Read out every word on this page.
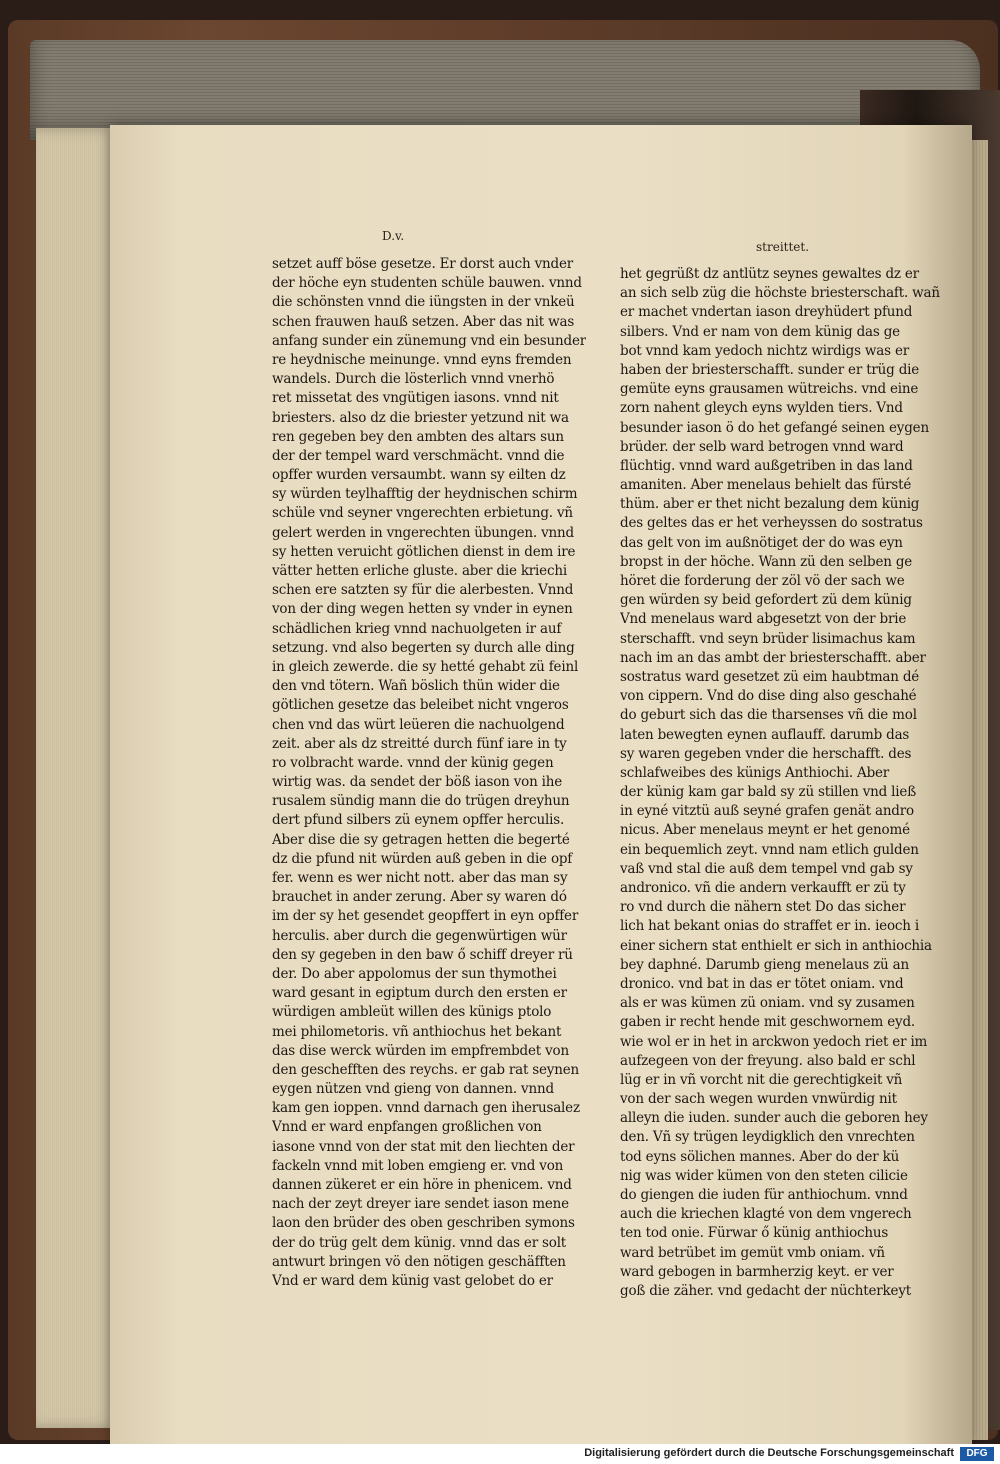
D.v.
streittet.
setzet auff böse gesetze. Er dorst auch vnder
der höche eyn studenten schüle bauwen. vnnd
die schönsten vnnd die iüngsten in der vnkeü
schen frauwen hauß setzen. Aber das nit was
anfang sunder ein zünemung vnd ein besunder
re heydnische meinunge. vnnd eyns fremden
wandels. Durch die lösterlich vnnd vnerhö
ret missetat des vngütigen iasons. vnnd nit
briesters. also dz die briester yetzund nit wa
ren gegeben bey den ambten des altars sun
der der tempel ward verschmächt. vnnd die
opffer wurden versaumbt. wann sy eilten dz
sy würden teylhafftig der heydnischen schirm
schüle vnd seyner vngerechten erbietung. vñ
gelert werden in vngerechten übungen. vnnd
sy hetten veruicht götlichen dienst in dem ire
vätter hetten erliche gluste. aber die kriechi
schen ere satzten sy für die alerbesten. Vnnd
von der ding wegen hetten sy vnder in eynen
schädlichen krieg vnnd nachuolgeten ir auf
setzung. vnd also begerten sy durch alle ding
in gleich zewerde. die sy hetté gehabt zü feinl
den vnd tötern. Wañ böslich thün wider die
götlichen gesetze das beleibet nicht vngeros
chen vnd das würt leüeren die nachuolgend
zeit. aber als dz streitté durch fünf iare in ty
ro volbracht warde. vnnd der künig gegen
wirtig was. da sendet der böß iason von ihe
rusalem sündig mann die do trügen dreyhun
dert pfund silbers zü eynem opffer herculis.
Aber dise die sy getragen hetten die begerté
dz die pfund nit würden auß geben in die opf
fer. wenn es wer nicht nott. aber das man sy
brauchet in ander zerung. Aber sy waren dó
im der sy het gesendet geopffert in eyn opffer
herculis. aber durch die gegenwürtigen wür
den sy gegeben in den baw ő schiff dreyer rü
der. Do aber appolomus der sun thymothei
ward gesant in egiptum durch den ersten er
würdigen ambleüt willen des künigs ptolo
mei philometoris. vñ anthiochus het bekant
das dise werck würden im empfrembdet von
den geschefften des reychs. er gab rat seynen
eygen nützen vnd gieng von dannen. vnnd
kam gen ioppen. vnnd darnach gen iherusalez
Vnnd er ward enpfangen großlichen von
iasone vnnd von der stat mit den liechten der
fackeln vnnd mit loben emgieng er. vnd von
dannen zükeret er ein höre in phenicem. vnd
nach der zeyt dreyer iare sendet iason mene
laon den brüder des oben geschriben symons
der do trüg gelt dem künig. vnnd das er solt
antwurt bringen vö den nötigen geschäfften
Vnd er ward dem künig vast gelobet do er
het gegrüßt dz antlütz seynes gewaltes dz er
an sich selb züg die höchste briesterschaft. wañ
er machet vndertan iason dreyhüdert pfund
silbers. Vnd er nam von dem künig das ge
bot vnnd kam yedoch nichtz wirdigs was er
haben der briesterschafft. sunder er trüg die
gemüte eyns grausamen wütreichs. vnd eine
zorn nahent gleych eyns wylden tiers. Vnd
besunder iason ö do het gefangé seinen eygen
brüder. der selb ward betrogen vnnd ward
flüchtig. vnnd ward außgetriben in das land
amaniten. Aber menelaus behielt das fürsté
thüm. aber er thet nicht bezalung dem künig
des geltes das er het verheyssen do sostratus
das gelt von im außnötiget der do was eyn
bropst in der höche. Wann zü den selben ge
höret die forderung der zöl vö der sach we
gen würden sy beid gefordert zü dem künig
Vnd menelaus ward abgesetzt von der brie
sterschafft. vnd seyn brüder lisimachus kam
nach im an das ambt der briesterschafft. aber
sostratus ward gesetzet zü eim haubtman dé
von cippern. Vnd do dise ding also geschahé
do geburt sich das die tharsenses vñ die mol
laten bewegten eynen auflauff. darumb das
sy waren gegeben vnder die herschafft. des
schlafweibes des künigs Anthiochi. Aber
der künig kam gar bald sy zü stillen vnd ließ
in eyné vitztü auß seyné grafen genät andro
nicus. Aber menelaus meynt er het genomé
ein bequemlich zeyt. vnnd nam etlich gulden
vaß vnd stal die auß dem tempel vnd gab sy
andronico. vñ die andern verkaufft er zü ty
ro vnd durch die nähern stet Do das sicher
lich hat bekant onias do straffet er in. ieoch i
einer sichern stat enthielt er sich in anthiochia
bey daphné. Darumb gieng menelaus zü an
dronico. vnd bat in das er tötet oniam. vnd
als er was kümen zü oniam. vnd sy zusamen
gaben ir recht hende mit geschwornem eyd.
wie wol er in het in arckwon yedoch riet er im
aufzegeen von der freyung. also bald er schl
lüg er in vñ vorcht nit die gerechtigkeit vñ
von der sach wegen wurden vnwürdig nit
alleyn die iuden. sunder auch die geboren hey
den. Vñ sy trügen leydigklich den vnrechten
tod eyns sölichen mannes. Aber do der kü
nig was wider kümen von den steten cilicie
do giengen die iuden für anthiochum. vnnd
auch die kriechen klagté von dem vngerech
ten tod onie. Fürwar ő künig anthiochus
ward betrübet im gemüt vmb oniam. vñ
ward gebogen in barmherzig keyt. er ver
goß die zäher. vnd gedacht der nüchterkeyt
Digitalisierung gefördert durch die Deutsche Forschungsgemeinschaft	DFG
